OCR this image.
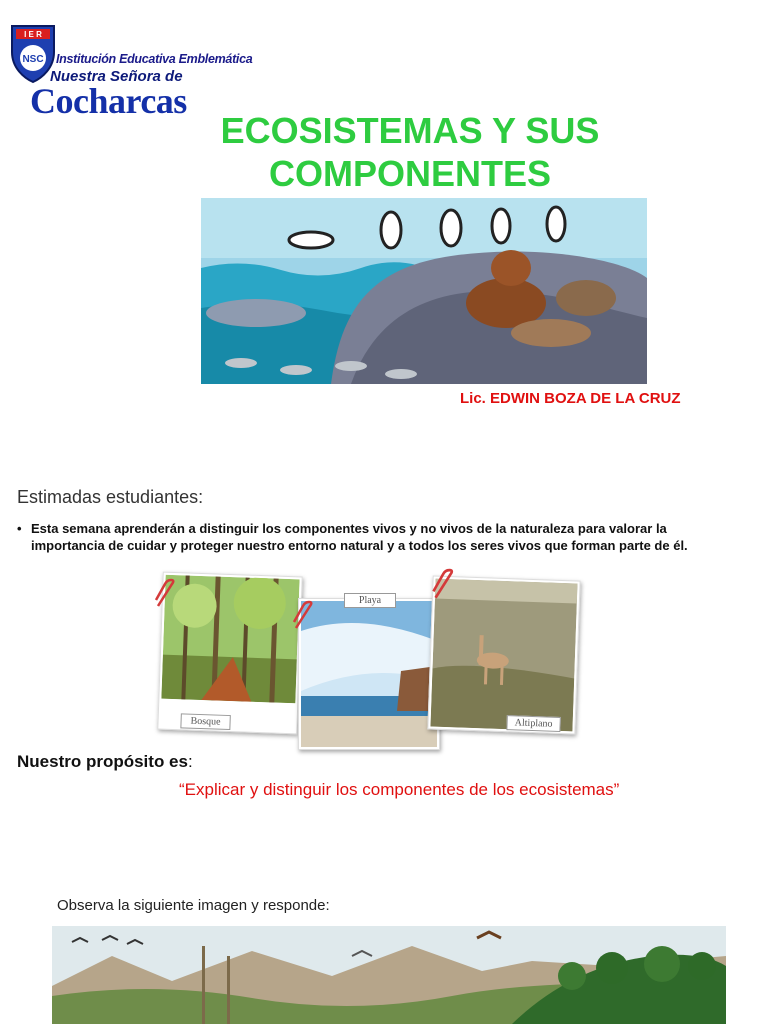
I E R
NSC Institución Educativa Emblemática
Nuestra Señora de
Cocharcas
ECOSISTEMAS Y SUS
COMPONENTES
Lic. EDWIN BOZA DE LA CRUZ
Estimadas estudiantes:
• Esta semana aprenderán a distinguir los componentes vivos y no vivos de la naturaleza para valorar la importancia de cuidar y proteger nuestro entorno natural y a todos los seres vivos que forman parte de él.
Bosque
Playa
Altiplano
Nuestro propósito es:
“Explicar y distinguir los componentes de los ecosistemas”
Observa la siguiente imagen y responde:
